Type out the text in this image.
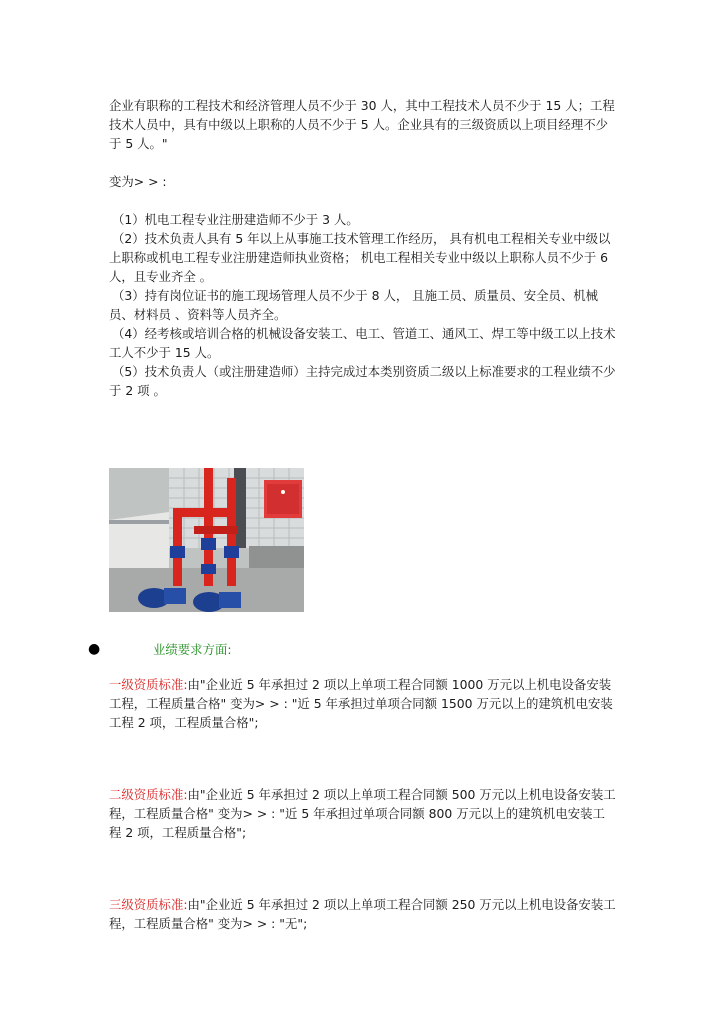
企业有职称的工程技术和经济管理人员不少于 30 人，其中工程技术人员不少于 15 人；工程技术人员中，具有中级以上职称的人员不少于 5 人。企业具有的三级资质以上项目经理不少于 5 人。"

变为> > :

（1）机电工程专业注册建造师不少于 3 人。

（2）技术负责人具有 5 年以上从事施工技术管理工作经历， 具有机电工程相关专业中级以上职称或机电工程专业注册建造师执业资格； 机电工程相关专业中级以上职称人员不少于 6 人，且专业齐全 。

（3）持有岗位证书的施工现场管理人员不少于 8 人， 且施工员、质量员、安全员、机械员、材料员 、资料等人员齐全。

（4）经考核或培训合格的机械设备安装工、电工、管道工、通风工、焊工等中级工以上技术工人不少于 15 人。

（5）技术负责人（或注册建造师）主持完成过本类别资质二级以上标准要求的工程业绩不少于 2 项 。

●	业绩要求方面:

一级资质标准:由"企业近 5 年承担过 2 项以上单项工程合同额 1000 万元以上机电设备安装工程，工程质量合格" 变为> > : "近 5 年承担过单项合同额 1500 万元以上的建筑机电安装工程 2 项，工程质量合格";

二级资质标准:由"企业近 5 年承担过 2 项以上单项工程合同额 500 万元以上机电设备安装工程，工程质量合格" 变为> > : "近 5 年承担过单项合同额 800 万元以上的建筑机电安装工程 2 项，工程质量合格";

三级资质标准:由"企业近 5 年承担过 2 项以上单项工程合同额 250 万元以上机电设备安装工程，工程质量合格" 变为> > : "无";
